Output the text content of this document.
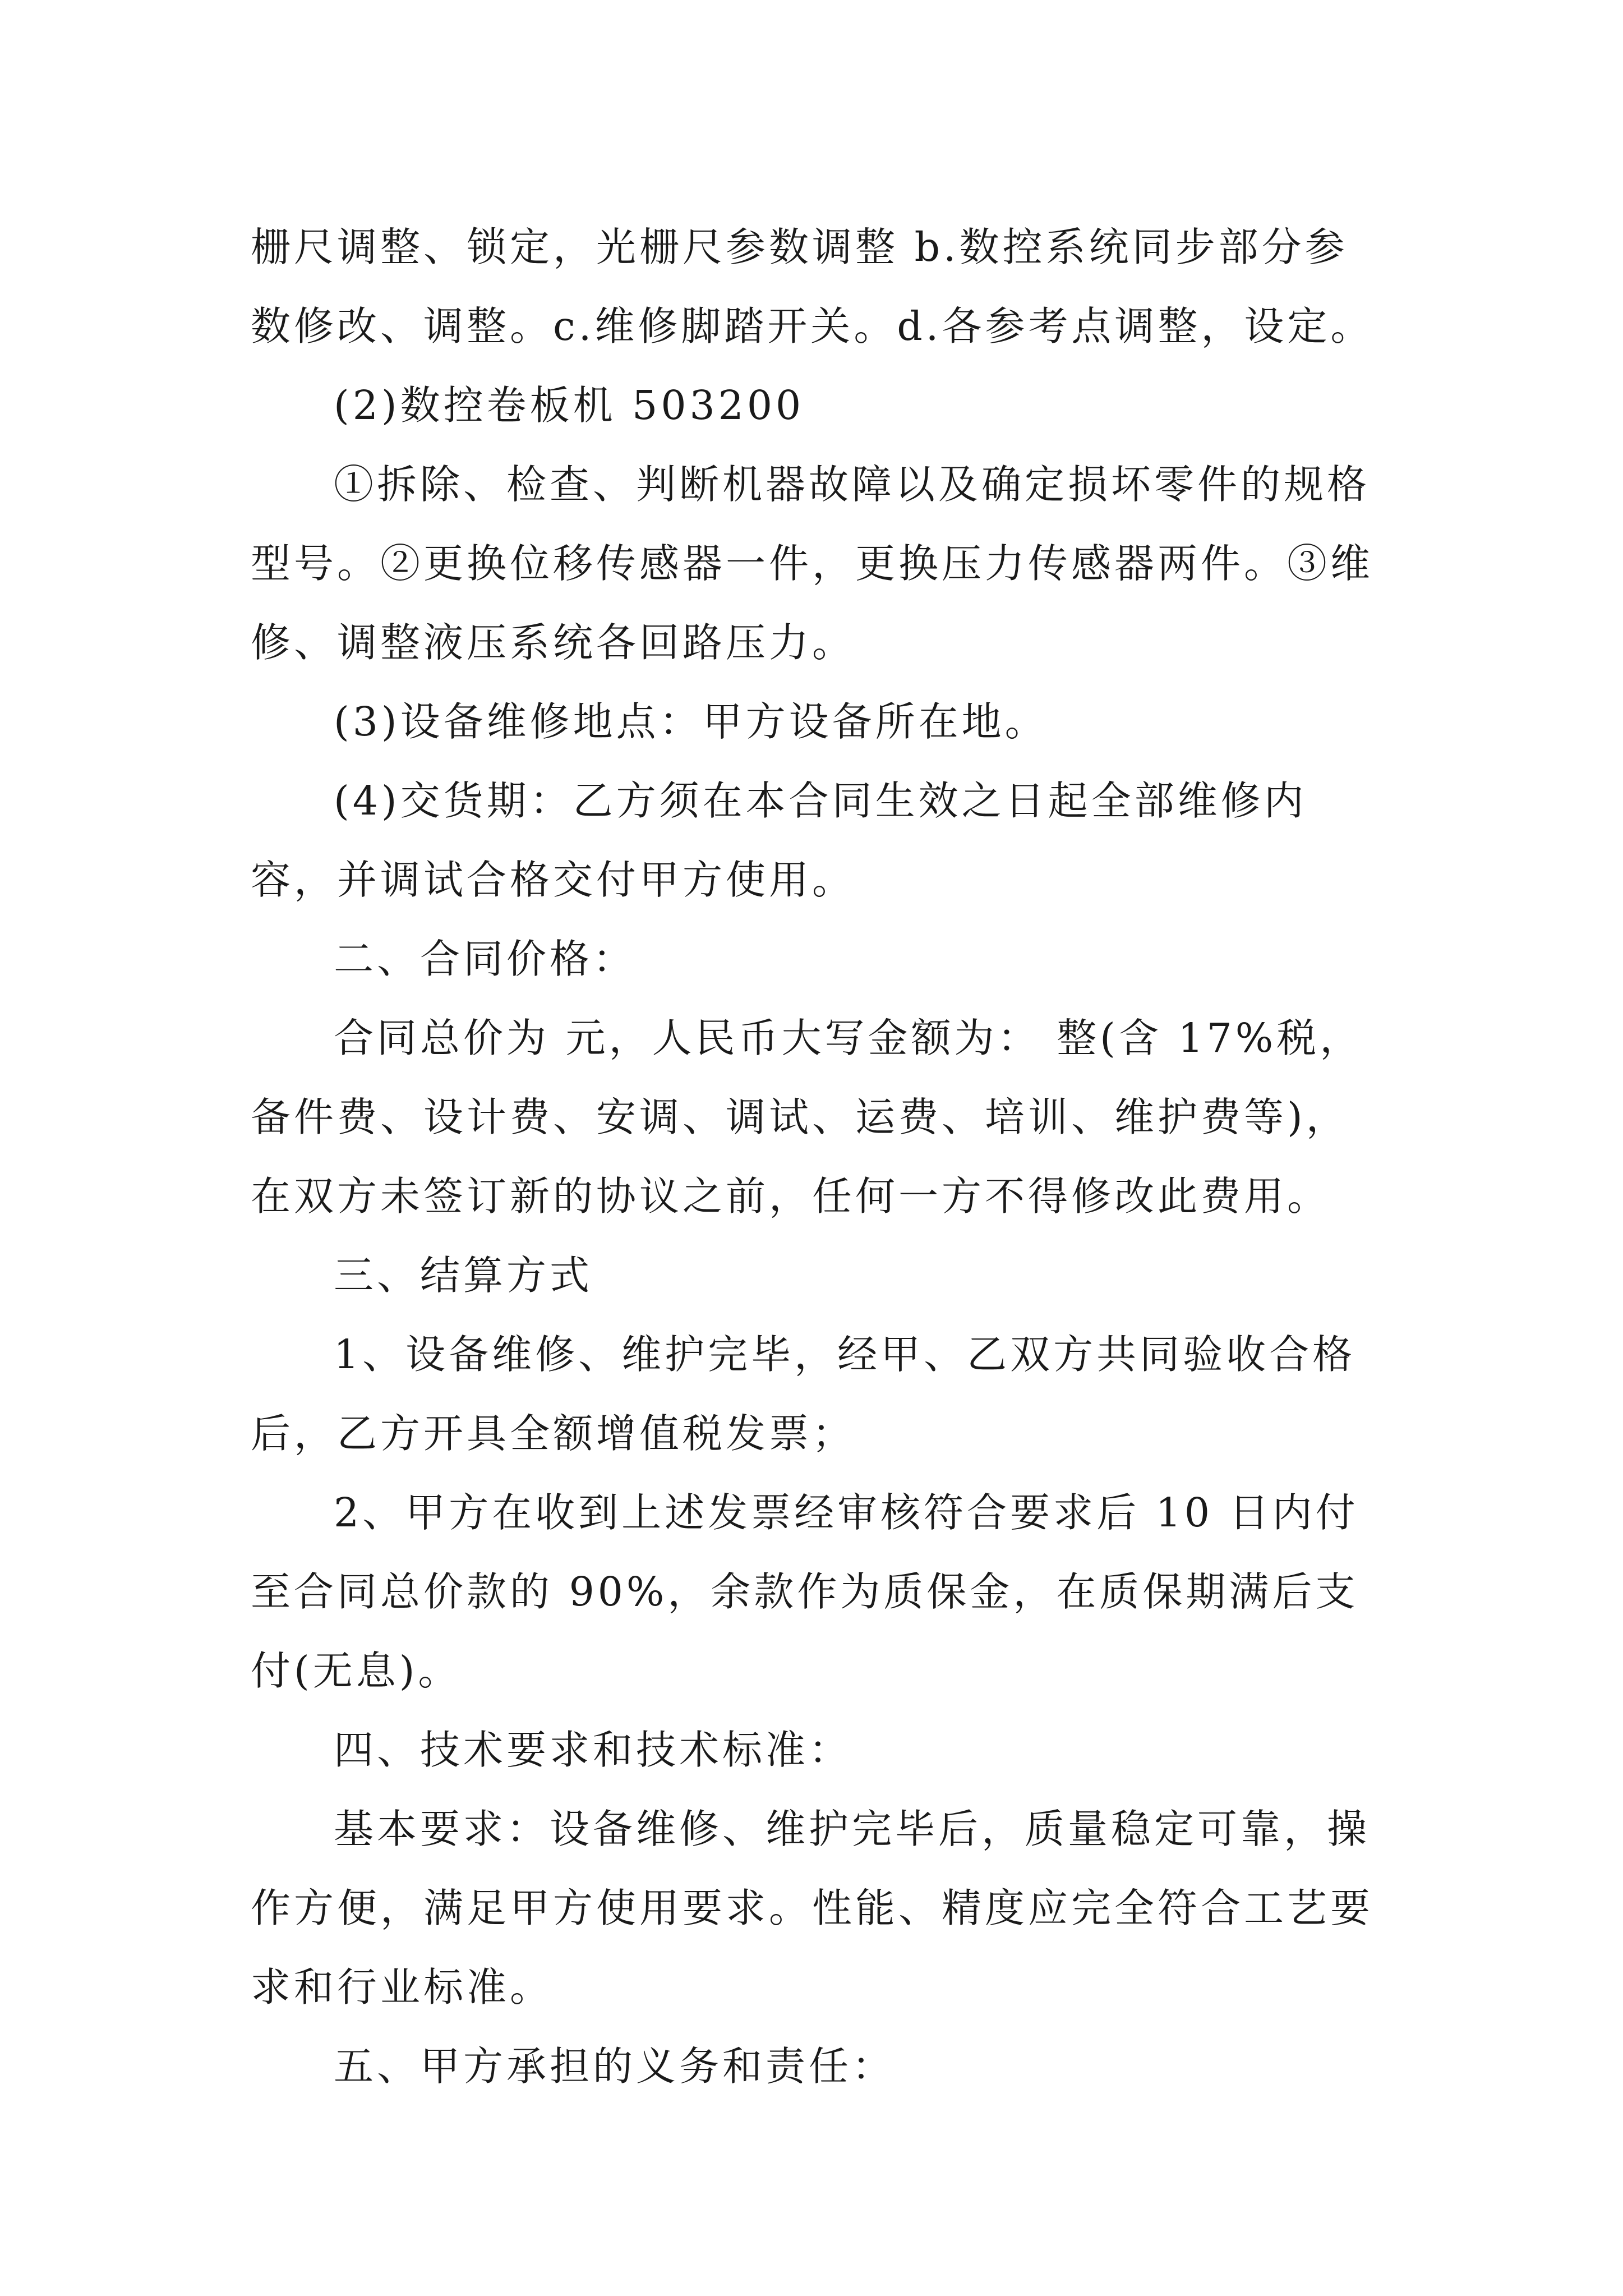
栅尺调整、锁定，光栅尺参数调整 b.数控系统同步部分参数修改、调整。c.维修脚踏开关。d.各参考点调整，设定。

(2)数控卷板机 503200

①拆除、检查、判断机器故障以及确定损坏零件的规格型号。②更换位移传感器一件，更换压力传感器两件。③维修、调整液压系统各回路压力。

(3)设备维修地点：甲方设备所在地。

(4)交货期：乙方须在本合同生效之日起全部维修内容，并调试合格交付甲方使用。

二、合同价格：

合同总价为 元，人民币大写金额为： 整(含 17%税，备件费、设计费、安调、调试、运费、培训、维护费等)，在双方未签订新的协议之前，任何一方不得修改此费用。

三、结算方式

1、设备维修、维护完毕，经甲、乙双方共同验收合格后，乙方开具全额增值税发票；

2、甲方在收到上述发票经审核符合要求后 10 日内付至合同总价款的 90%，余款作为质保金，在质保期满后支付(无息)。

四、技术要求和技术标准：

基本要求：设备维修、维护完毕后，质量稳定可靠，操作方便，满足甲方使用要求。性能、精度应完全符合工艺要求和行业标准。

五、甲方承担的义务和责任：
